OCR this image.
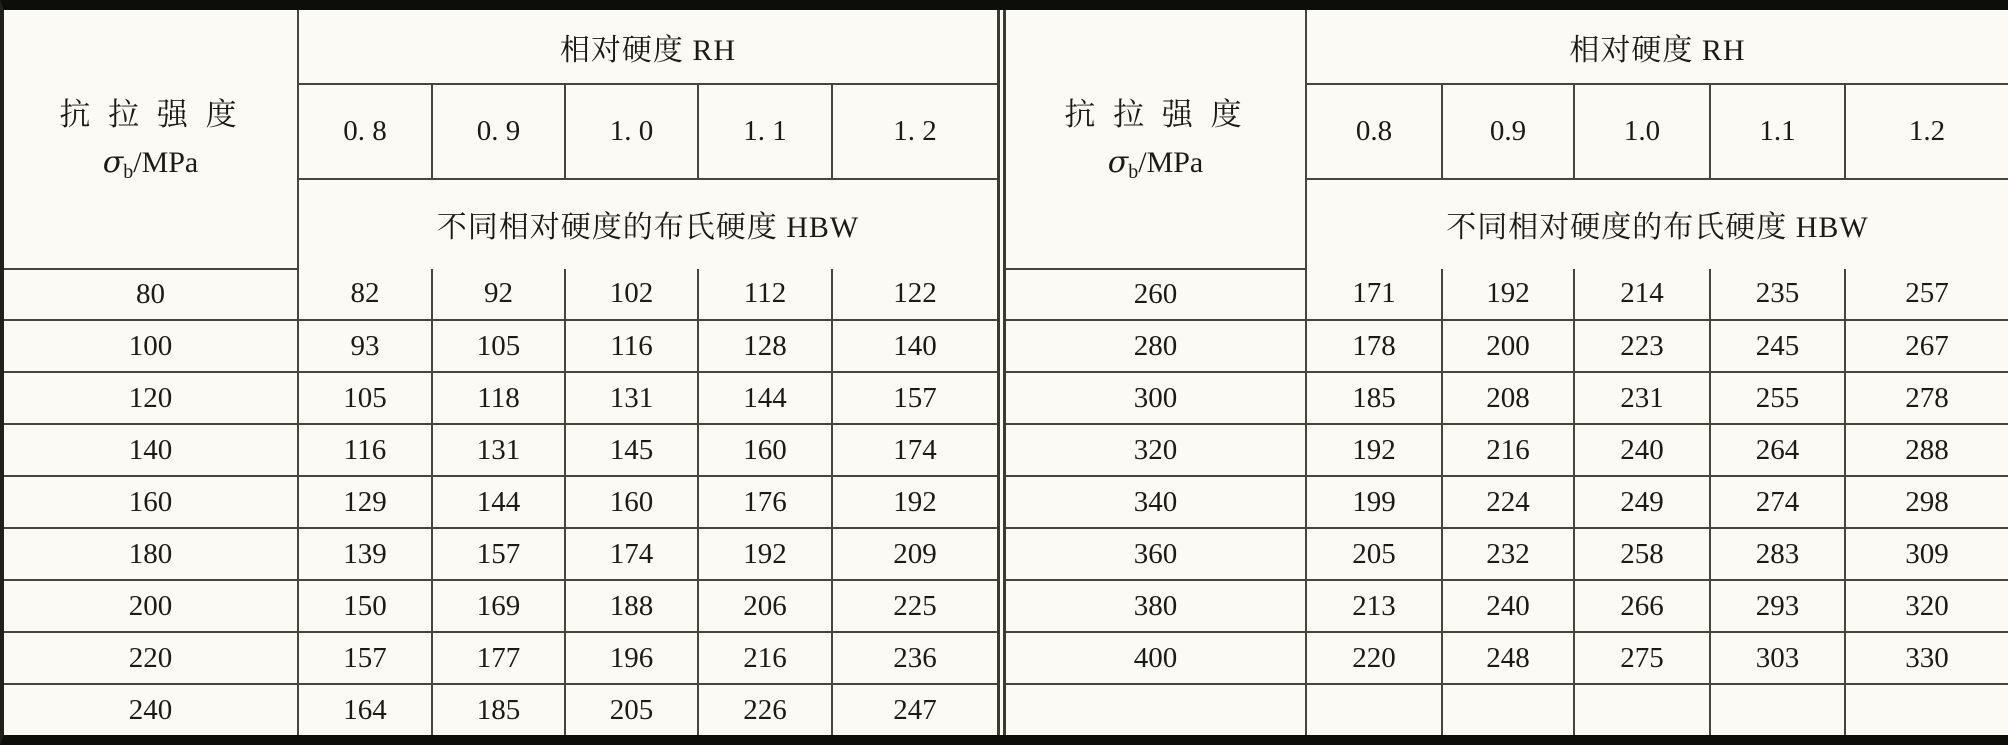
抗 拉 强 度
$\sigma_b$/MPa	相对硬度 RH				
	0. 8	0. 9	1. 0	1. 1	1. 2
	不同相对硬度的布氏硬度 HBW				
80	82	92	102	112	122
100	93	105	116	128	140
120	105	118	131	144	157
140	116	131	145	160	174
160	129	144	160	176	192
180	139	157	174	192	209
200	150	169	188	206	225
220	157	177	196	216	236
240	164	185	205	226	247
抗 拉 强 度
$\sigma_b$/MPa	相对硬度 RH				
	0.8	0.9	1.0	1.1	1.2
	不同相对硬度的布氏硬度 HBW				
260	171	192	214	235	257
280	178	200	223	245	267
300	185	208	231	255	278
320	192	216	240	264	288
340	199	224	249	274	298
360	205	232	258	283	309
380	213	240	266	293	320
400	220	248	275	303	330
